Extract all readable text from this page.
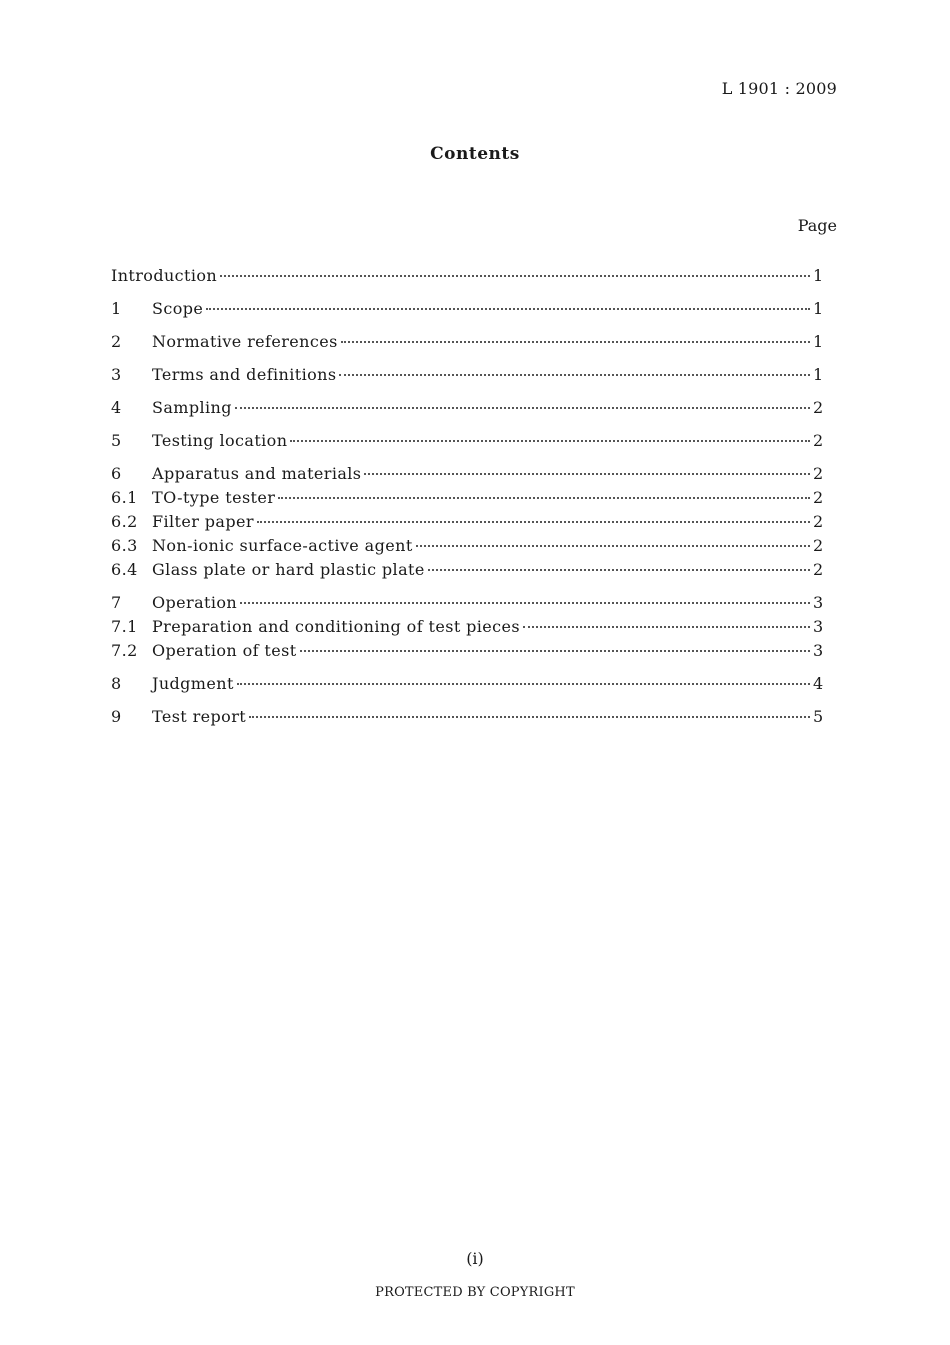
L 1901 : 2009
Contents
Page
Introduction	1
1	Scope	1
2	Normative references	1
3	Terms and definitions	1
4	Sampling	2
5	Testing location	2
6	Apparatus and materials	2
6.1 TO-type tester	2
6.2 Filter paper	2
6.3 Non-ionic surface-active agent	2
6.4 Glass plate or hard plastic plate	2
7	Operation	3
7.1 Preparation and conditioning of test pieces	3
7.2 Operation of test	3
8	Judgment	4
9	Test report	5
(i)
PROTECTED BY COPYRIGHT
